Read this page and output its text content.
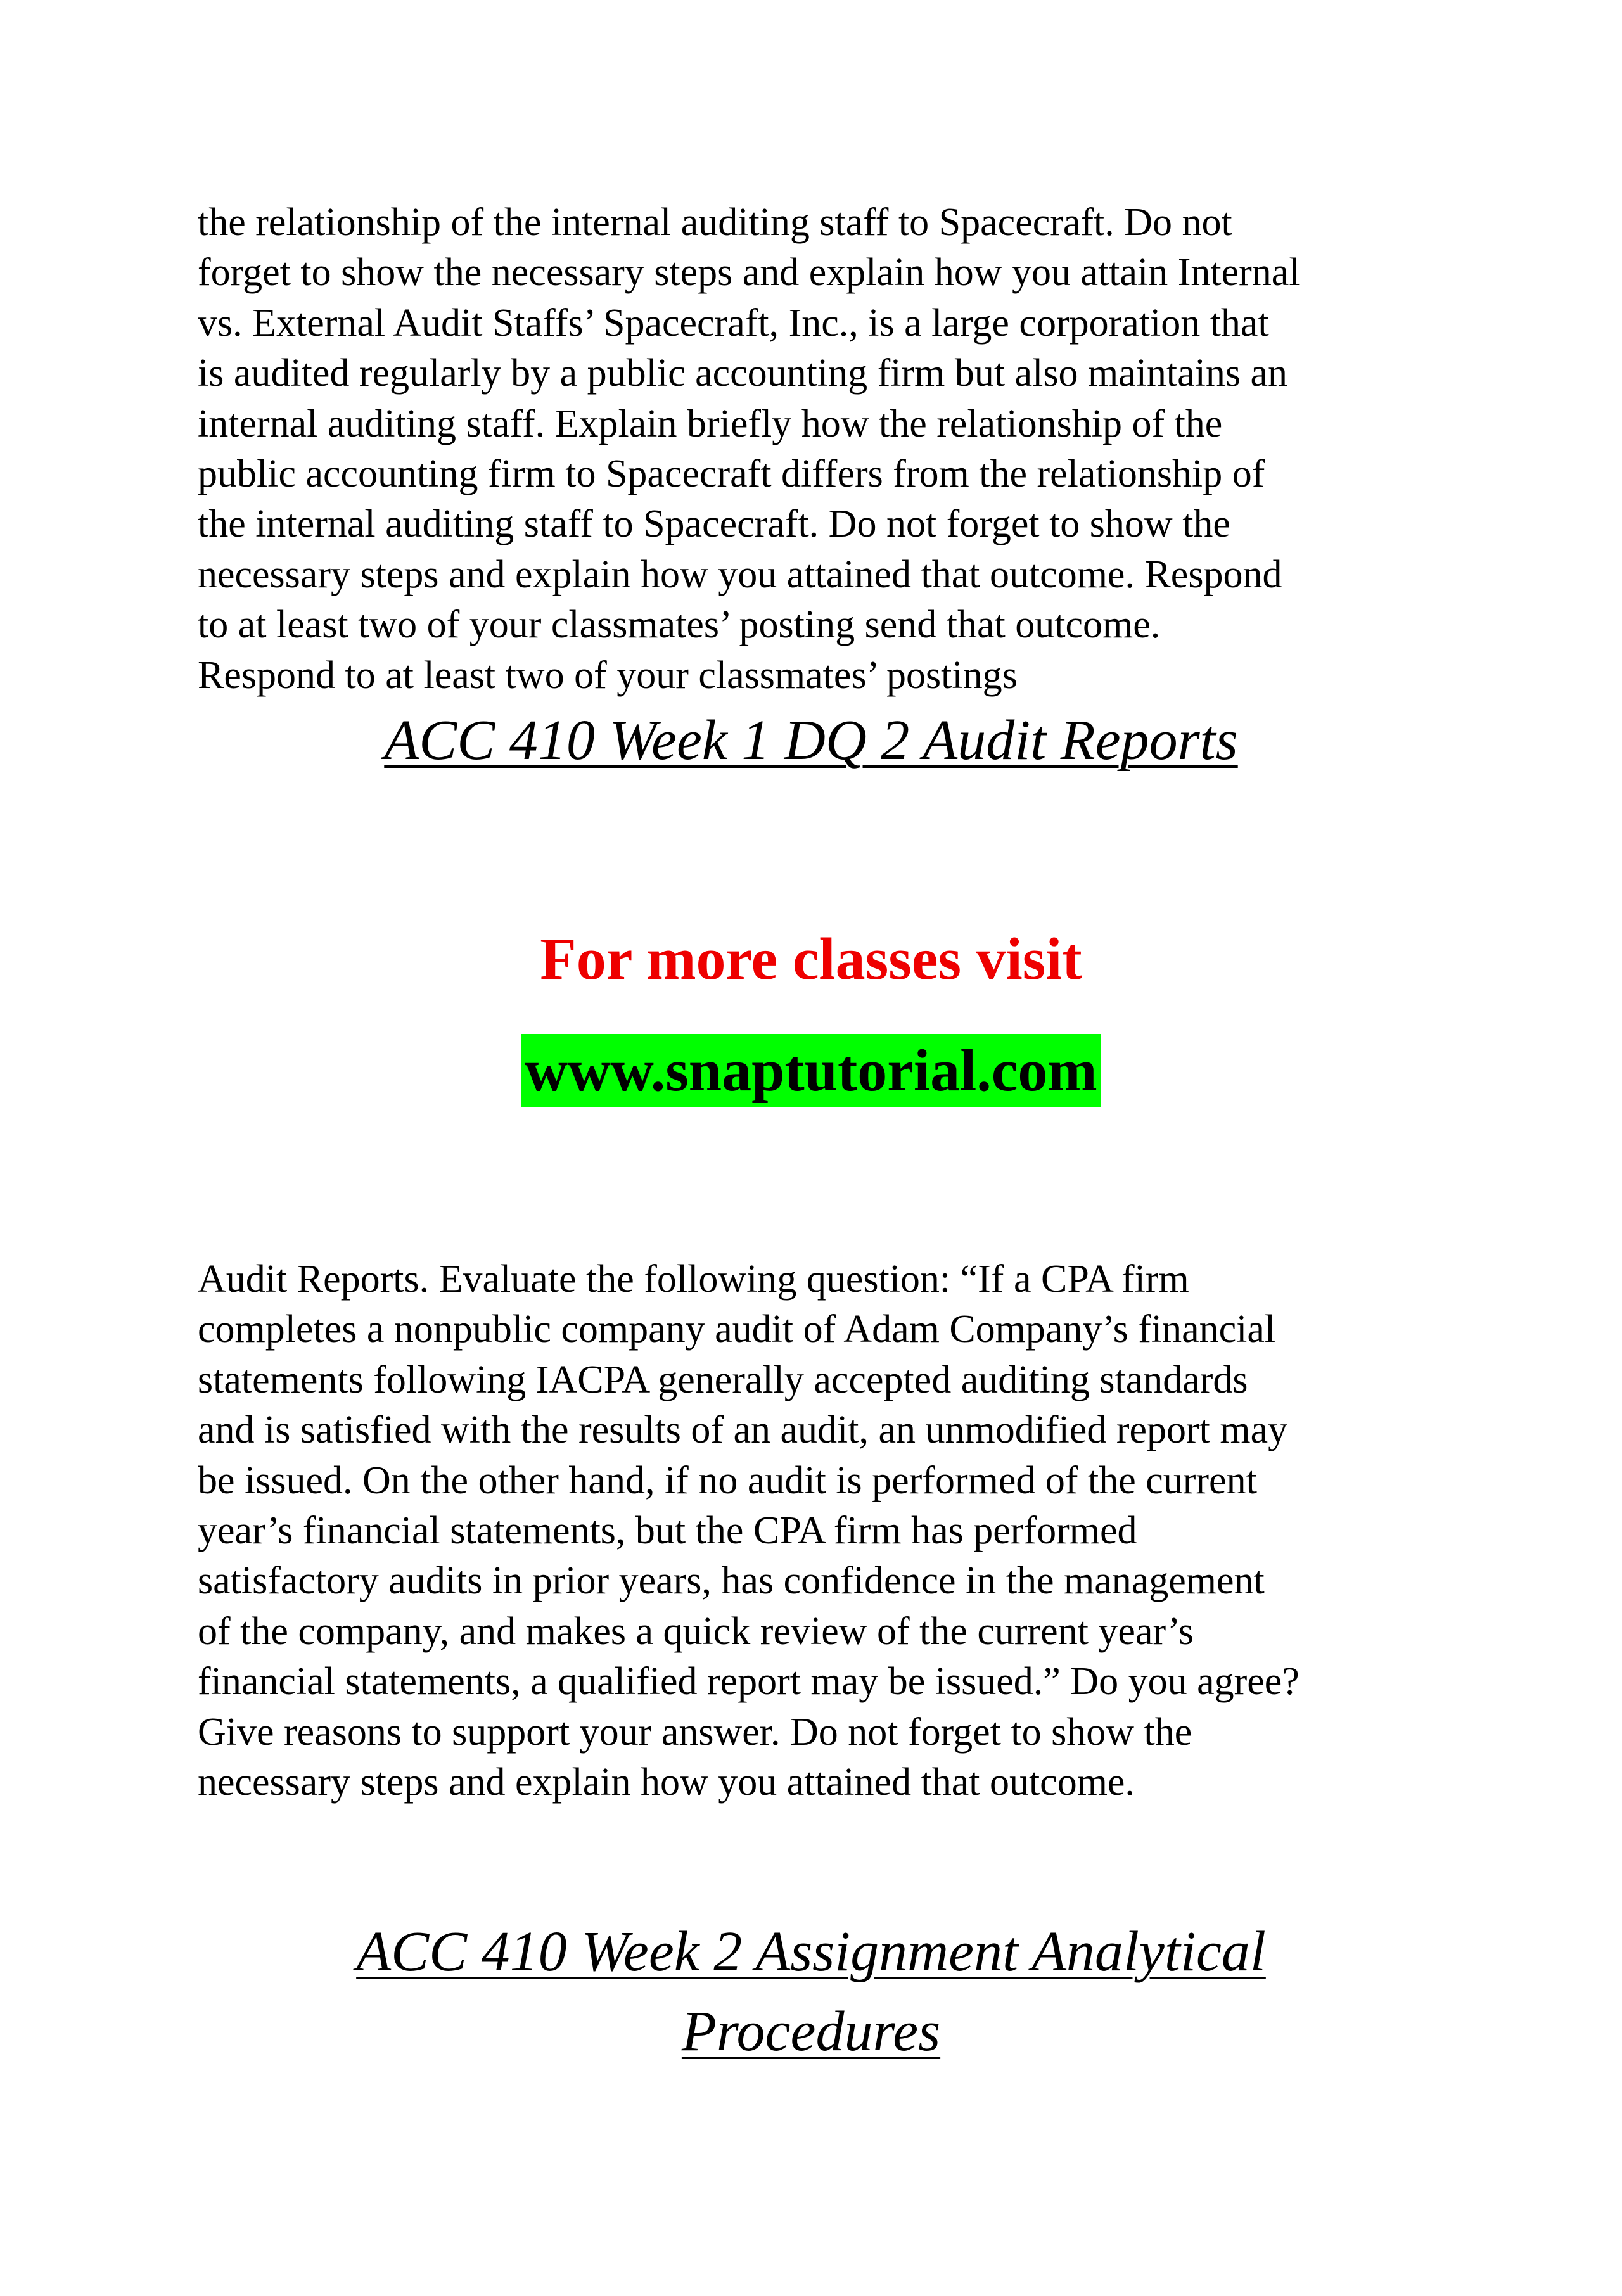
the relationship of the internal auditing staff to Spacecraft. Do not
forget to show the necessary steps and explain how you attain Internal
vs. External Audit Staffs’ Spacecraft, Inc., is a large corporation that
is audited regularly by a public accounting firm but also maintains an
internal auditing staff. Explain briefly how the relationship of the
public accounting firm to Spacecraft differs from the relationship of
the internal auditing staff to Spacecraft. Do not forget to show the
necessary steps and explain how you attained that outcome. Respond
to at least two of your classmates’ posting send that outcome.
Respond to at least two of your classmates’ postings

ACC 410 Week 1 DQ 2 Audit Reports

For more classes visit

www.snaptutorial.com

Audit Reports. Evaluate the following question: “If a CPA firm
completes a nonpublic company audit of Adam Company’s financial
statements following IACPA generally accepted auditing standards
and is satisfied with the results of an audit, an unmodified report may
be issued. On the other hand, if no audit is performed of the current
year’s financial statements, but the CPA firm has performed
satisfactory audits in prior years, has confidence in the management
of the company, and makes a quick review of the current year’s
financial statements, a qualified report may be issued.” Do you agree?
Give reasons to support your answer. Do not forget to show the
necessary steps and explain how you attained that outcome.

ACC 410 Week 2 Assignment Analytical
Procedures
